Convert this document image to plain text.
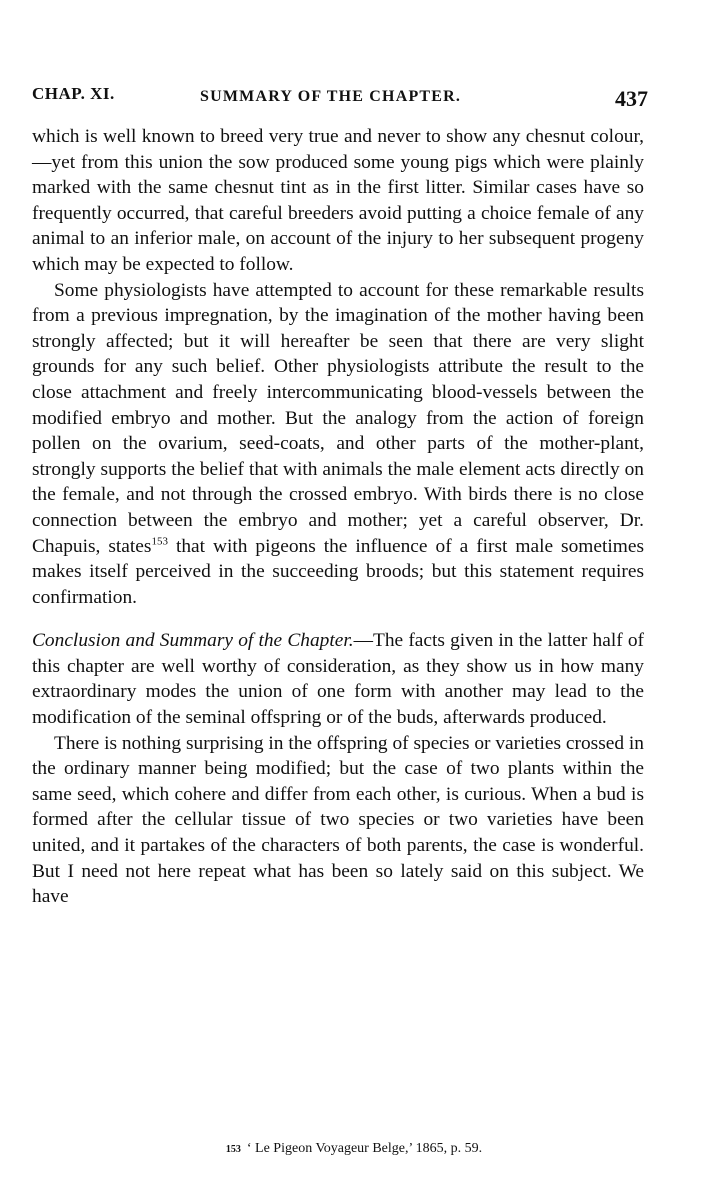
CHAP. XI.	SUMMARY OF THE CHAPTER.	437

which is well known to breed very true and never to show any chesnut colour,—yet from this union the sow produced some young pigs which were plainly marked with the same chesnut tint as in the first litter. Similar cases have so frequently occurred, that careful breeders avoid putting a choice female of any animal to an inferior male, on account of the injury to her subsequent progeny which may be expected to follow.

Some physiologists have attempted to account for these remarkable results from a previous impregnation, by the imagination of the mother having been strongly affected; but it will hereafter be seen that there are very slight grounds for any such belief. Other physiologists attribute the result to the close attachment and freely intercommunicating blood-vessels between the modified embryo and mother. But the analogy from the action of foreign pollen on the ovarium, seed-coats, and other parts of the mother-plant, strongly supports the belief that with animals the male element acts directly on the female, and not through the crossed embryo. With birds there is no close connection between the embryo and mother; yet a careful observer, Dr. Chapuis, states$^{153}$ that with pigeons the influence of a first male sometimes makes itself perceived in the succeeding broods; but this statement requires confirmation.

Conclusion and Summary of the Chapter.—The facts given in the latter half of this chapter are well worthy of consideration, as they show us in how many extraordinary modes the union of one form with another may lead to the modification of the seminal offspring or of the buds, afterwards produced.

There is nothing surprising in the offspring of species or varieties crossed in the ordinary manner being modified; but the case of two plants within the same seed, which cohere and differ from each other, is curious. When a bud is formed after the cellular tissue of two species or two varieties have been united, and it partakes of the characters of both parents, the case is wonderful. But I need not here repeat what has been so lately said on this subject. We have

153 ‘ Le Pigeon Voyageur Belge,’ 1865, p. 59.
